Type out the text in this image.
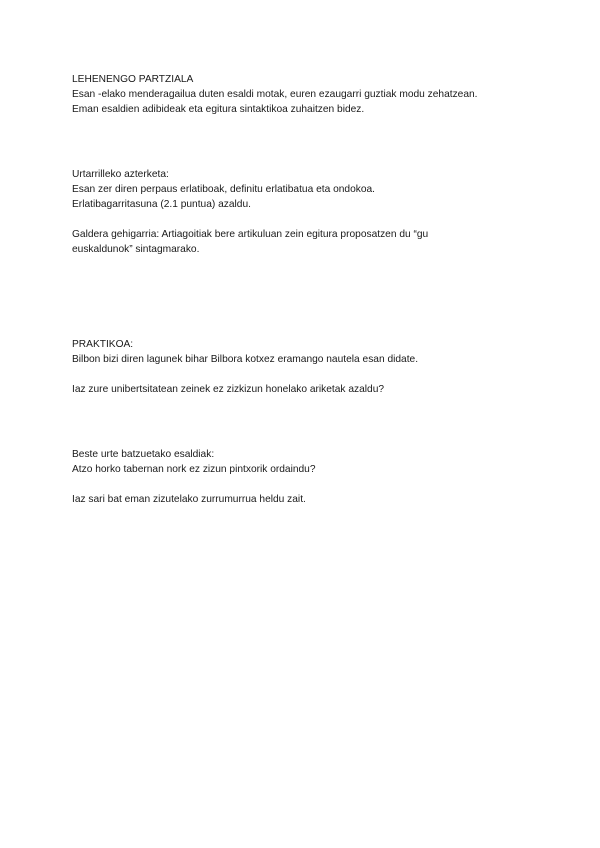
LEHENENGO PARTZIALA
Esan -elako menderagailua duten esaldi motak, euren ezaugarri guztiak modu zehatzean.
Eman esaldien adibideak eta egitura sintaktikoa zuhaitzen bidez.
Urtarrilleko azterketa:
Esan zer diren perpaus erlatiboak, definitu erlatibatua eta ondokoa.
Erlatibagarritasuna (2.1 puntua) azaldu.
Galdera gehigarria: Artiagoitiak bere artikuluan zein egitura proposatzen du “gu
euskaldunok” sintagmarako.
PRAKTIKOA:
Bilbon bizi diren lagunek bihar Bilbora kotxez eramango nautela esan didate.
Iaz zure unibertsitatean zeinek ez zizkizun honelako ariketak azaldu?
Beste urte batzuetako esaldiak:
Atzo horko tabernan nork ez zizun pintxorik ordaindu?
Iaz sari bat eman zizutelako zurrumurrua heldu zait.
